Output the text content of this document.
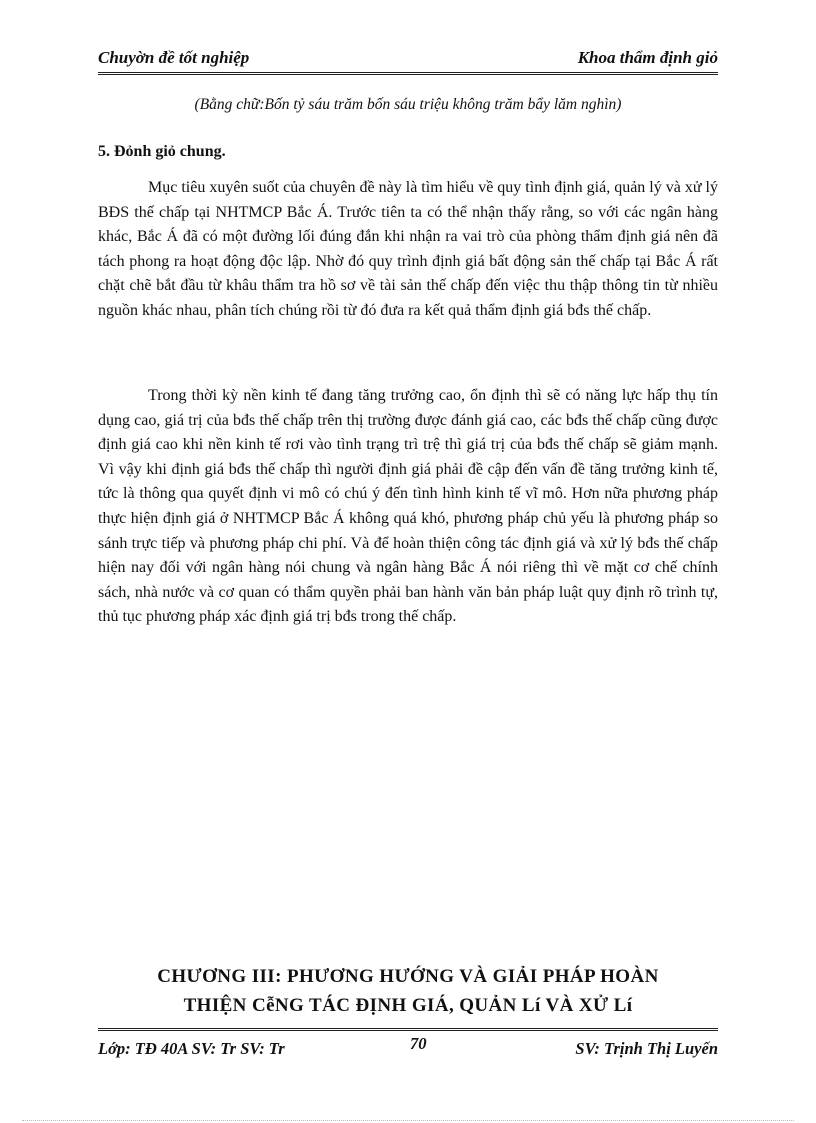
Chuyờn đề tốt nghiệp	Khoa thẩm định giỏ
(Bằng chữ:Bốn tỷ sáu trăm bốn sáu triệu không trăm bẩy lăm nghìn)
5. Đỏnh giỏ chung.

Mục tiêu xuyên suốt của chuyên đề này là tìm hiểu về quy tình định giá, quản lý và xử lý BĐS thế chấp tại NHTMCP Bắc Á. Trước tiên ta có thể nhận thấy rằng, so với các ngân hàng khác, Bắc Á đã có một đường lối đúng đắn khi nhận ra vai trò của phòng thẩm định giá nên đã tách phong ra hoạt động độc lập. Nhờ đó quy trình định giá bất động sản thế chấp tại Bắc Á rất chặt chẽ bắt đầu từ khâu thẩm tra hồ sơ về tài sản thế chấp đến việc thu thập thông tin từ nhiều nguồn khác nhau, phân tích chúng rồi từ đó đưa ra kết quả thẩm định giá bđs thế chấp.

Trong thời kỳ nền kinh tế đang tăng trưởng cao, ổn định thì sẽ có năng lực hấp thụ tín dụng cao, giá trị của bđs thế chấp trên thị trường được đánh giá cao, các bđs thế chấp cũng được định giá cao khi nền kinh tế rơi vào tình trạng trì trệ thì giá trị của bđs thế chấp sẽ giảm mạnh. Vì vậy khi định giá bđs thế chấp thì người định giá phải đề cập đến vấn đề tăng trưởng kinh tế, tức là thông qua quyết định vi mô có chú ý đến tình hình kinh tế vĩ mô. Hơn nữa phương pháp thực hiện định giá ở NHTMCP Bắc Á không quá khó, phương pháp chủ yếu là phương pháp so sánh trực tiếp và phương pháp chi phí. Và để hoàn thiện công tác định giá và xử lý bđs thế chấp hiện nay đối với ngân hàng nói chung và ngân hàng Bắc Á nói riêng thì về mặt cơ chế chính sách, nhà nước và cơ quan có thẩm quyền phải ban hành văn bản pháp luật quy định rõ trình tự, thủ tục phương pháp xác định giá trị bđs trong thế chấp.

CHƯƠNG III: PHƯƠNG HƯỚNG VÀ GIẢI PHÁP HOÀN
THIỆN CễNG TÁC ĐỊNH GIÁ, QUẢN Lí VÀ XỬ Lí
Lớp: TĐ 40A SV: Tr SV: Tr	70	SV: Trịnh Thị Luyến
